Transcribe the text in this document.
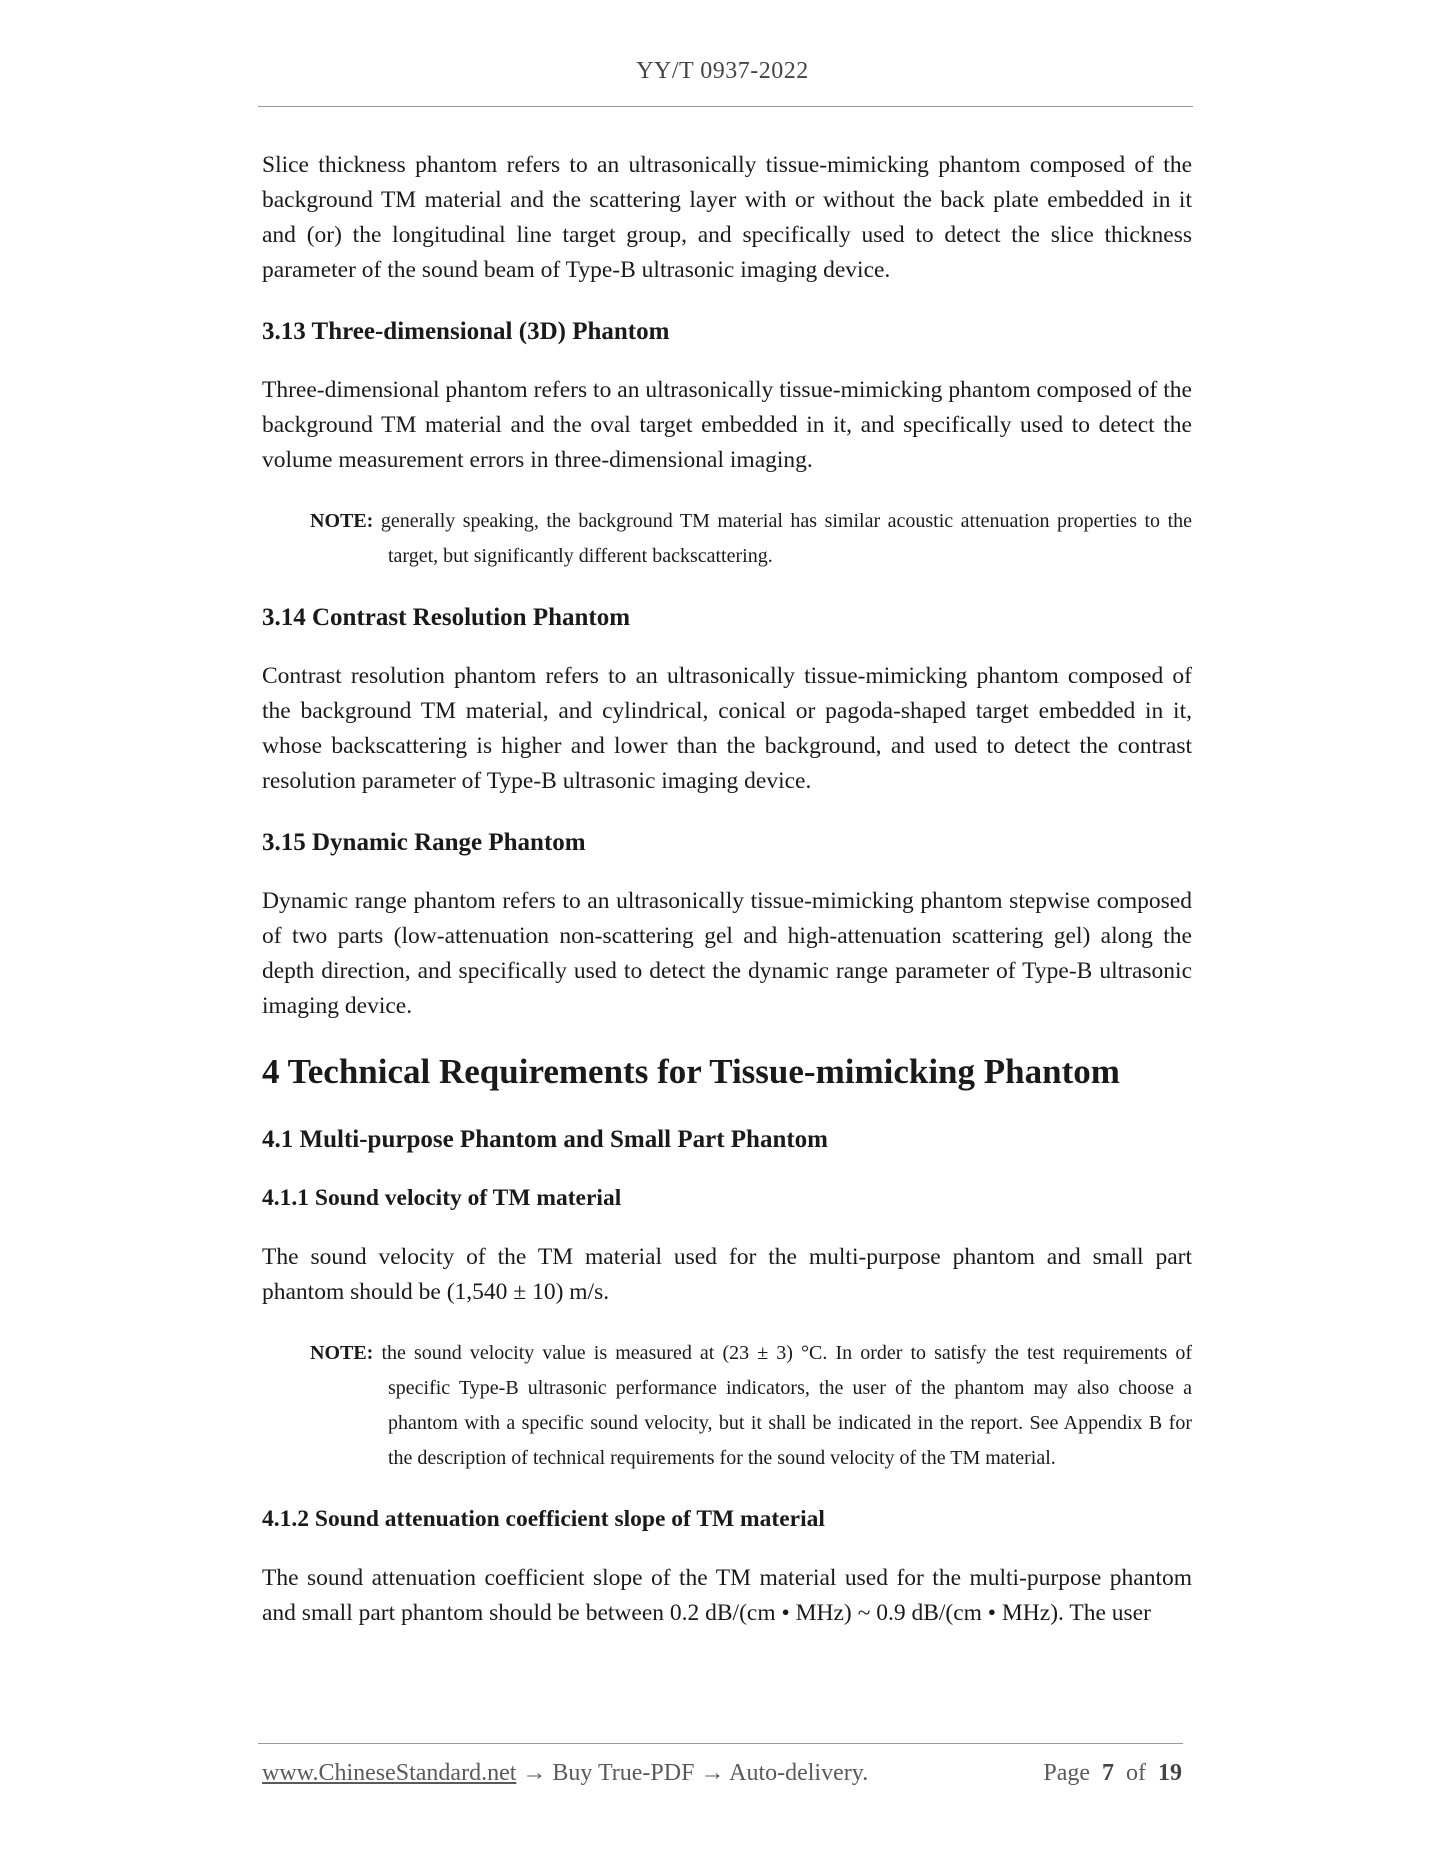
YY/T 0937-2022

Slice thickness phantom refers to an ultrasonically tissue-mimicking phantom composed of the background TM material and the scattering layer with or without the back plate embedded in it and (or) the longitudinal line target group, and specifically used to detect the slice thickness parameter of the sound beam of Type-B ultrasonic imaging device.

3.13 Three-dimensional (3D) Phantom

Three-dimensional phantom refers to an ultrasonically tissue-mimicking phantom composed of the background TM material and the oval target embedded in it, and specifically used to detect the volume measurement errors in three-dimensional imaging.

NOTE: generally speaking, the background TM material has similar acoustic attenuation properties to the target, but significantly different backscattering.
3.14 Contrast Resolution Phantom

Contrast resolution phantom refers to an ultrasonically tissue-mimicking phantom composed of the background TM material, and cylindrical, conical or pagoda-shaped target embedded in it, whose backscattering is higher and lower than the background, and used to detect the contrast resolution parameter of Type-B ultrasonic imaging device.

3.15 Dynamic Range Phantom

Dynamic range phantom refers to an ultrasonically tissue-mimicking phantom stepwise composed of two parts (low-attenuation non-scattering gel and high-attenuation scattering gel) along the depth direction, and specifically used to detect the dynamic range parameter of Type-B ultrasonic imaging device.

4 Technical Requirements for Tissue-mimicking Phantom
4.1 Multi-purpose Phantom and Small Part Phantom
4.1.1 Sound velocity of TM material

The sound velocity of the TM material used for the multi-purpose phantom and small part phantom should be (1,540 ± 10) m/s.

NOTE: the sound velocity value is measured at (23 ± 3) °C. In order to satisfy the test requirements of specific Type-B ultrasonic performance indicators, the user of the phantom may also choose a phantom with a specific sound velocity, but it shall be indicated in the report. See Appendix B for the description of technical requirements for the sound velocity of the TM material.
4.1.2 Sound attenuation coefficient slope of TM material

The sound attenuation coefficient slope of the TM material used for the multi-purpose phantom and small part phantom should be between 0.2 dB/(cm • MHz) ~ 0.9 dB/(cm • MHz). The user

www.ChineseStandard.net → Buy True-PDF → Auto-delivery.	Page 7 of 19
